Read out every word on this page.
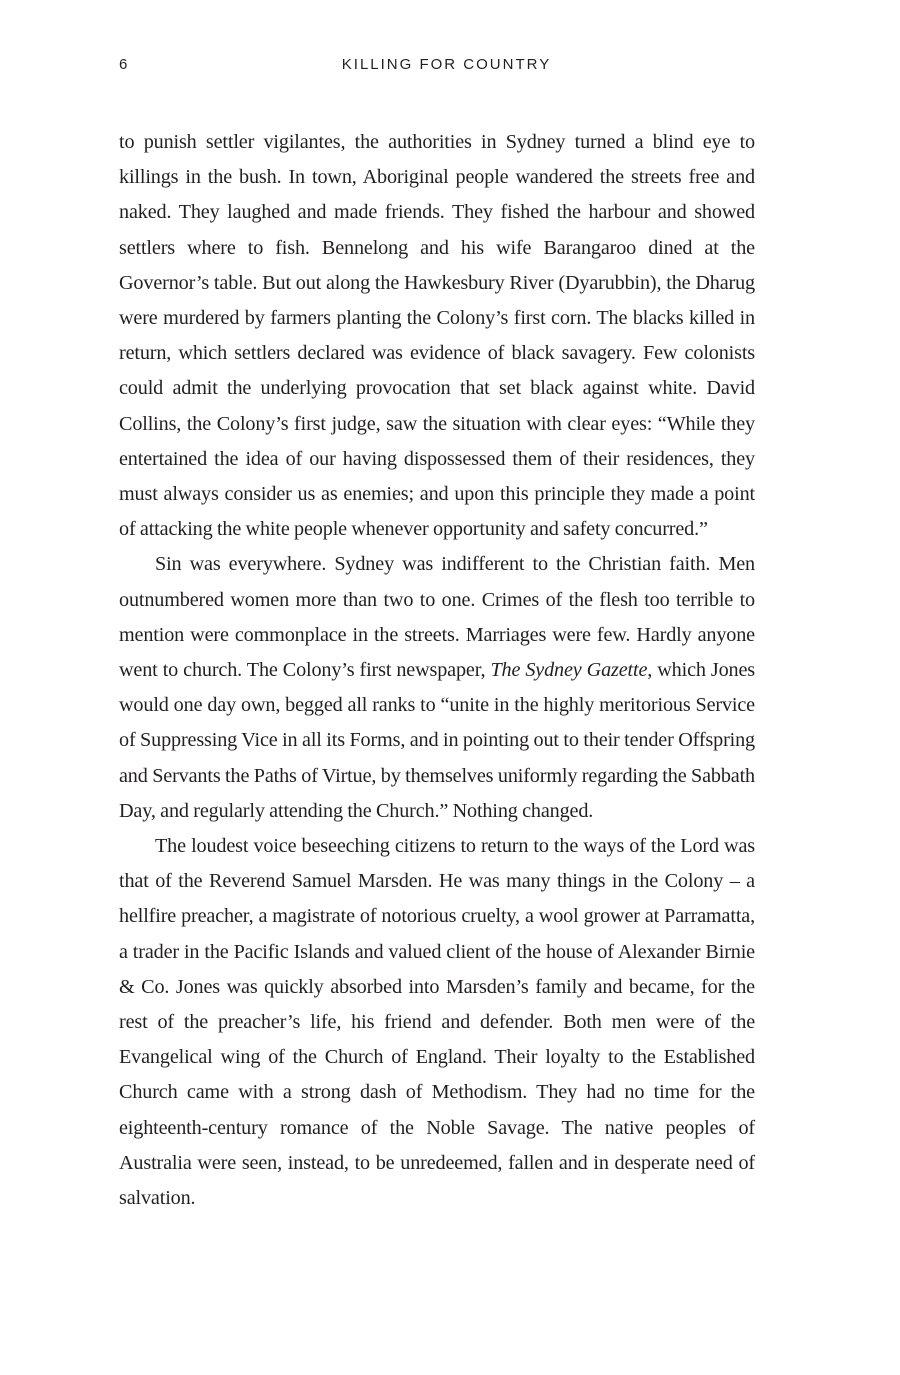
6	KILLING FOR COUNTRY

to punish settler vigilantes, the authorities in Sydney turned a blind eye to killings in the bush. In town, Aboriginal people wandered the streets free and naked. They laughed and made friends. They fished the harbour and showed settlers where to fish. Bennelong and his wife Barangaroo dined at the Governor’s table. But out along the Hawkesbury River (Dyarubbin), the Dharug were murdered by farmers planting the Colony’s first corn. The blacks killed in return, which settlers declared was evidence of black savagery. Few colonists could admit the underlying provocation that set black against white. David Collins, the Colony’s first judge, saw the situation with clear eyes: “While they entertained the idea of our having dispossessed them of their residences, they must always consider us as enemies; and upon this principle they made a point of attacking the white people whenever opportunity and safety concurred.”

Sin was everywhere. Sydney was indifferent to the Christian faith. Men outnumbered women more than two to one. Crimes of the flesh too terrible to mention were commonplace in the streets. Marriages were few. Hardly anyone went to church. The Colony’s first newspaper, The Sydney Gazette, which Jones would one day own, begged all ranks to “unite in the highly meritorious Service of Suppressing Vice in all its Forms, and in pointing out to their tender Offspring and Servants the Paths of Virtue, by themselves uniformly regarding the Sabbath Day, and regularly attending the Church.” Nothing changed.

The loudest voice beseeching citizens to return to the ways of the Lord was that of the Reverend Samuel Marsden. He was many things in the Colony – a hellfire preacher, a magistrate of notorious cruelty, a wool grower at Parramatta, a trader in the Pacific Islands and valued client of the house of Alexander Birnie & Co. Jones was quickly absorbed into Marsden’s family and became, for the rest of the preacher’s life, his friend and defender. Both men were of the Evangelical wing of the Church of England. Their loyalty to the Established Church came with a strong dash of Methodism. They had no time for the eighteenth-century romance of the Noble Savage. The native peoples of Australia were seen, instead, to be unredeemed, fallen and in desperate need of salvation.
